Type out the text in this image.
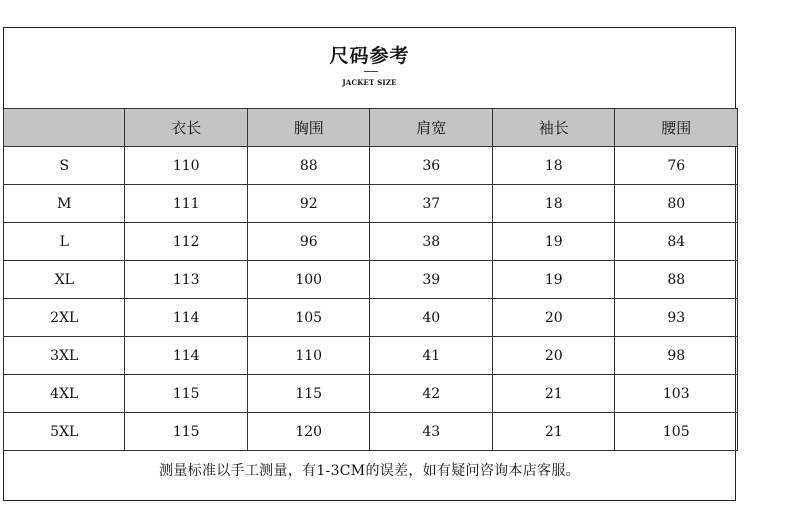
尺码参考
JACKET SIZE
	衣长	胸围	肩宽	袖长	腰围
S	110	88	36	18	76
M	111	92	37	18	80
L	112	96	38	19	84
XL	113	100	39	19	88
2XL	114	105	40	20	93
3XL	114	110	41	20	98
4XL	115	115	42	21	103
5XL	115	120	43	21	105
测量标准以手工测量，有1-3CM的误差，如有疑问咨询本店客服。
